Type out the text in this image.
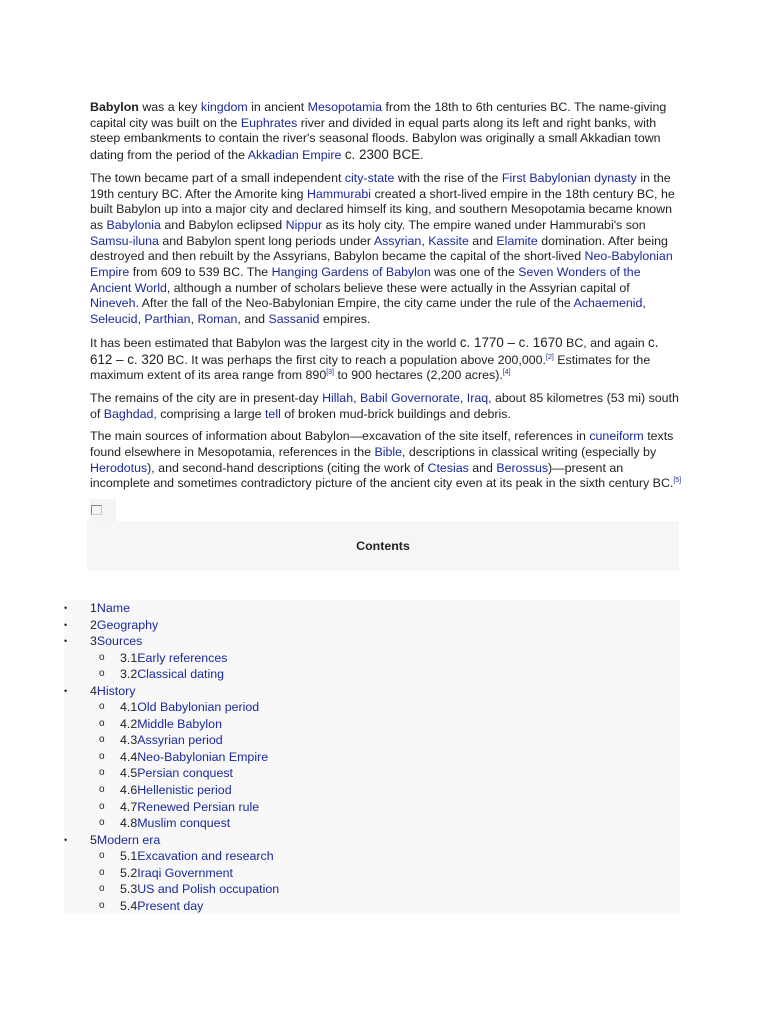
Babylon was a key kingdom in ancient Mesopotamia from the 18th to 6th centuries BC. The name-giving capital city was built on the Euphrates river and divided in equal parts along its left and right banks, with steep embankments to contain the river's seasonal floods. Babylon was originally a small Akkadian town dating from the period of the Akkadian Empire c. 2300 BCE.

The town became part of a small independent city-state with the rise of the First Babylonian dynasty in the 19th century BC. After the Amorite king Hammurabi created a short-lived empire in the 18th century BC, he built Babylon up into a major city and declared himself its king, and southern Mesopotamia became known as Babylonia and Babylon eclipsed Nippur as its holy city. The empire waned under Hammurabi's son Samsu-iluna and Babylon spent long periods under Assyrian, Kassite and Elamite domination. After being destroyed and then rebuilt by the Assyrians, Babylon became the capital of the short-lived Neo-Babylonian Empire from 609 to 539 BC. The Hanging Gardens of Babylon was one of the Seven Wonders of the Ancient World, although a number of scholars believe these were actually in the Assyrian capital of Nineveh. After the fall of the Neo-Babylonian Empire, the city came under the rule of the Achaemenid, Seleucid, Parthian, Roman, and Sassanid empires.

It has been estimated that Babylon was the largest city in the world c. 1770 – c. 1670 BC, and again c. 612 – c. 320 BC. It was perhaps the first city to reach a population above 200,000.[2] Estimates for the maximum extent of its area range from 890[3] to 900 hectares (2,200 acres).[4]

The remains of the city are in present-day Hillah, Babil Governorate, Iraq, about 85 kilometres (53 mi) south of Baghdad, comprising a large tell of broken mud-brick buildings and debris.

The main sources of information about Babylon—excavation of the site itself, references in cuneiform texts found elsewhere in Mesopotamia, references in the Bible, descriptions in classical writing (especially by Herodotus), and second-hand descriptions (citing the work of Ctesias and Berossus)—present an incomplete and sometimes contradictory picture of the ancient city even at its peak in the sixth century BC.[5]

Contents
•	1Name
•	2Geography
•	3Sources
o 3.1Early references
o 3.2Classical dating
•	4History
o 4.1Old Babylonian period
o 4.2Middle Babylon
o 4.3Assyrian period
o 4.4Neo-Babylonian Empire
o 4.5Persian conquest
o 4.6Hellenistic period
o 4.7Renewed Persian rule
o 4.8Muslim conquest
•	5Modern era
o 5.1Excavation and research
o 5.2Iraqi Government
o 5.3US and Polish occupation
o 5.4Present day
